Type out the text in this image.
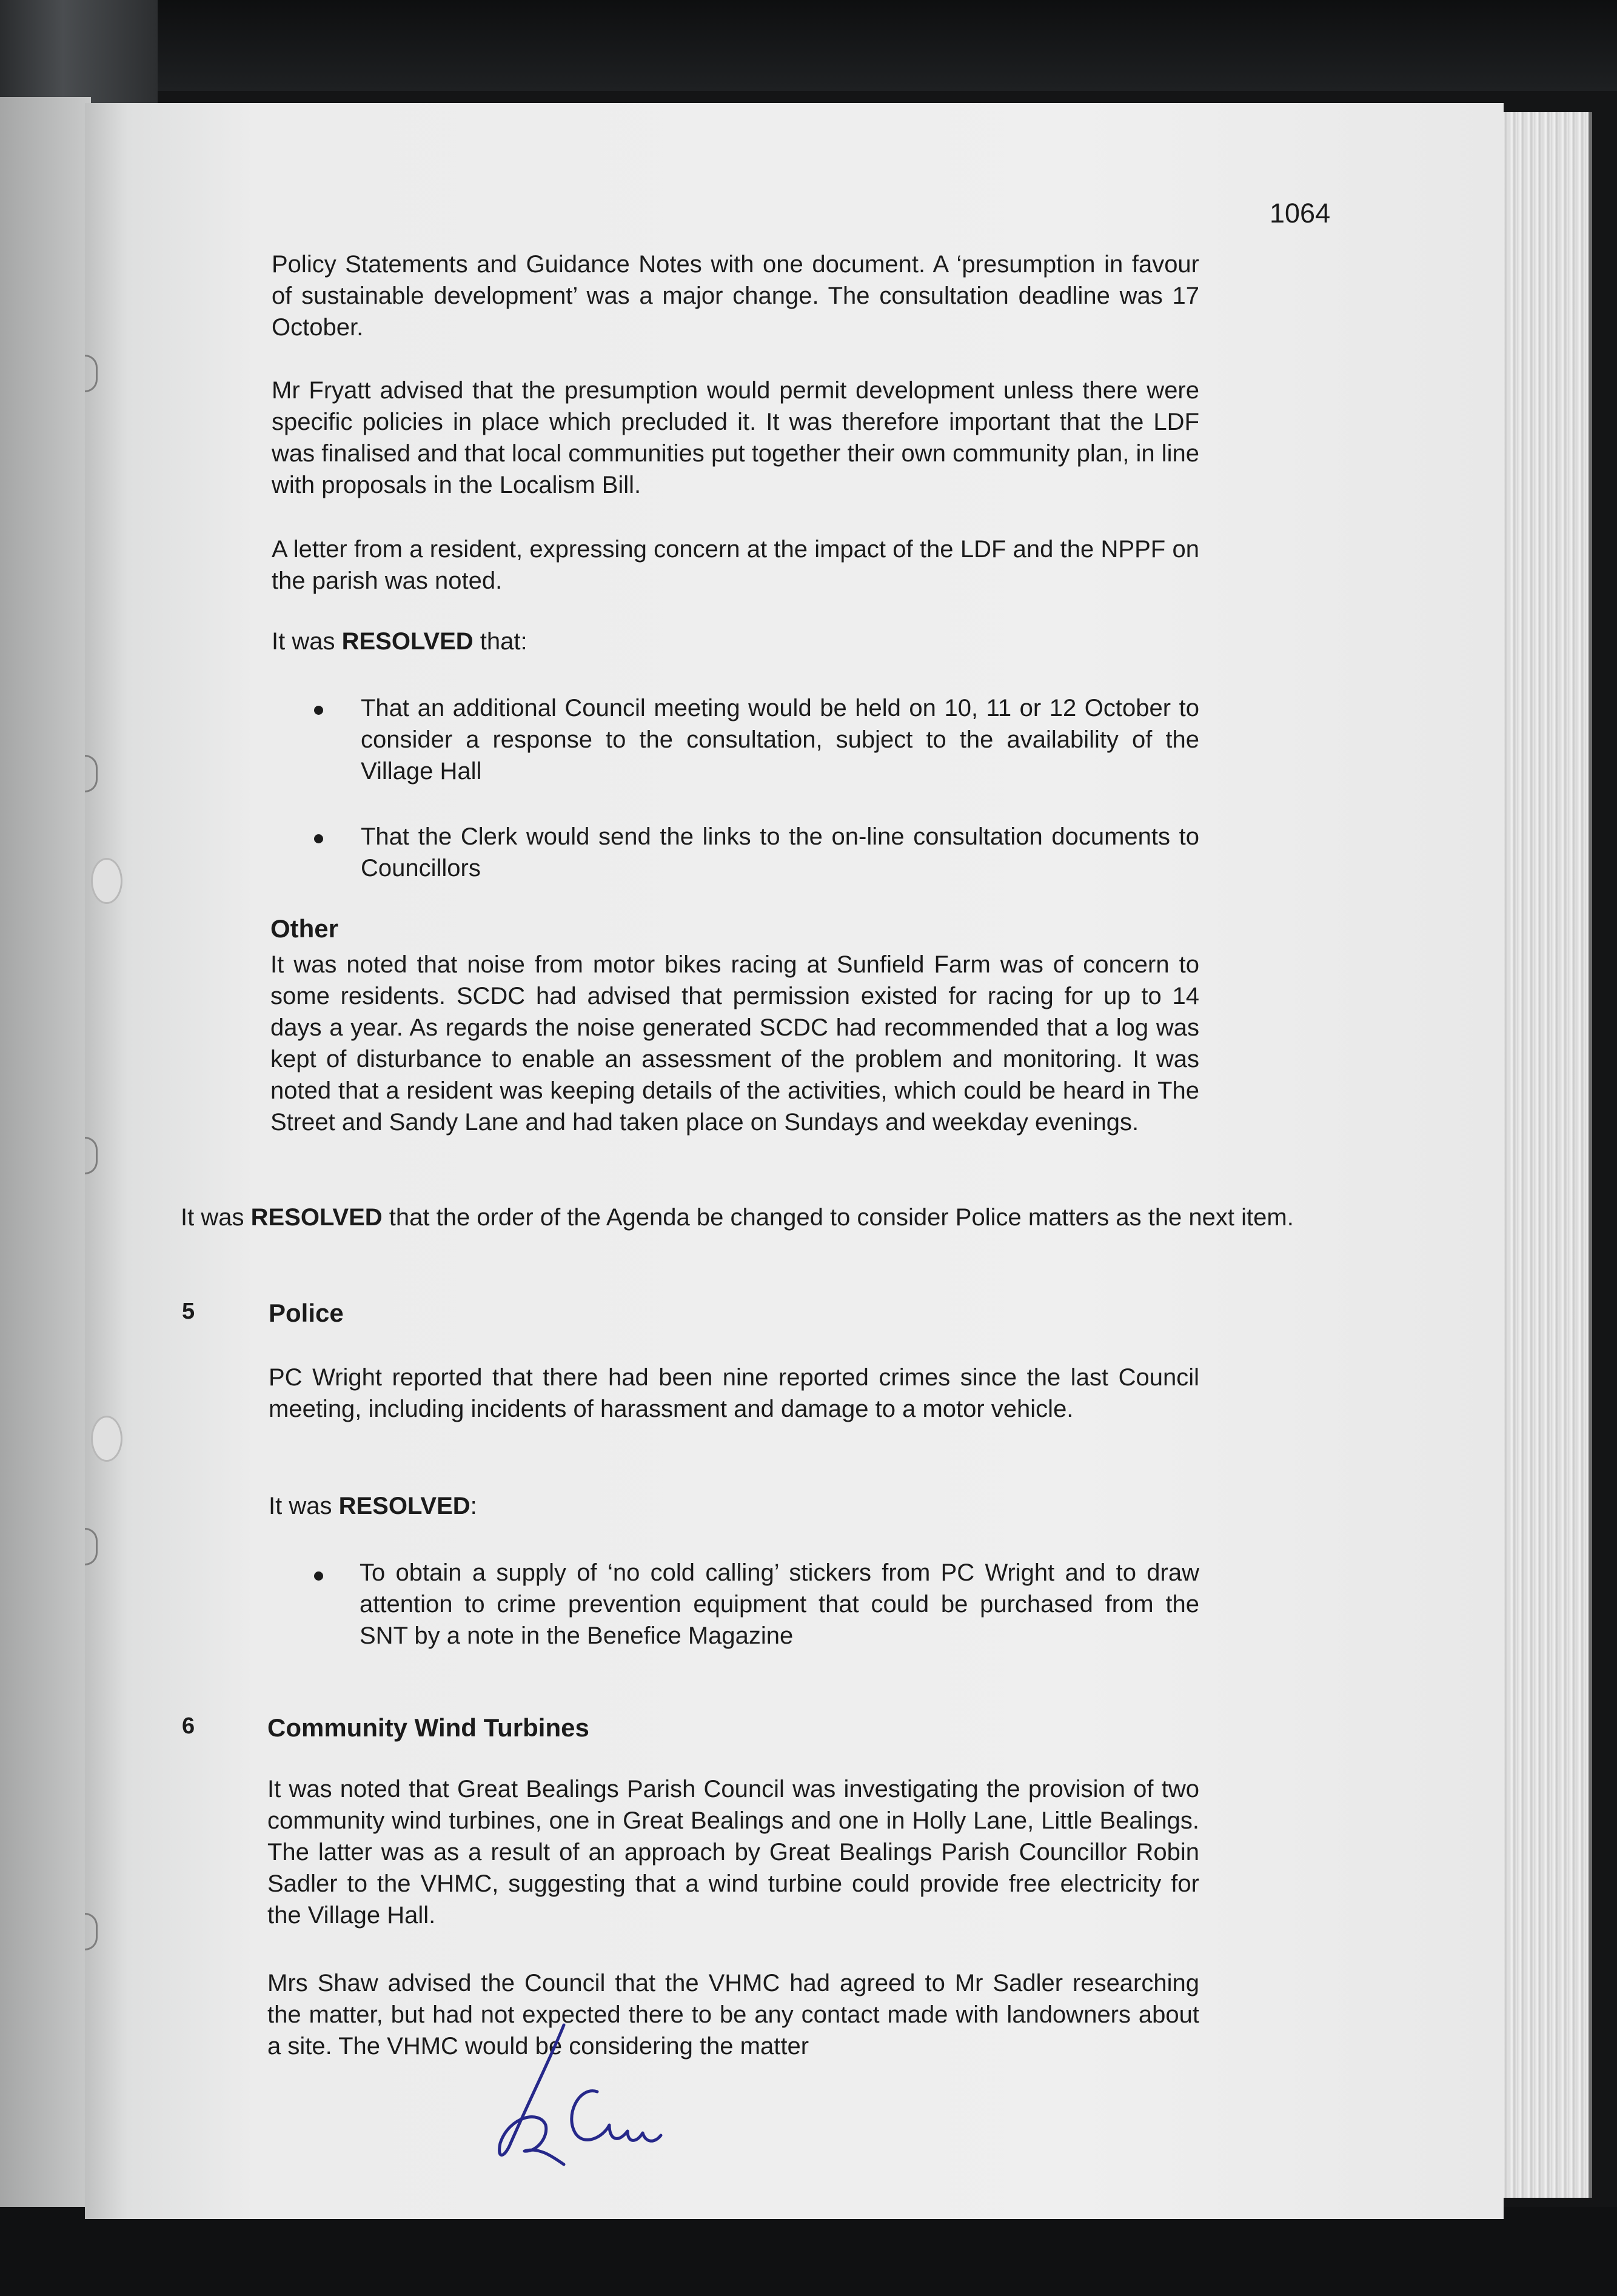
1064

Policy Statements and Guidance Notes with one document. A ‘presumption in favour of sustainable development’ was a major change. The consultation deadline was 17 October.

Mr Fryatt advised that the presumption would permit development unless there were specific policies in place which precluded it. It was therefore important that the LDF was finalised and that local communities put together their own community plan, in line with proposals in the Localism Bill.

A letter from a resident, expressing concern at the impact of the LDF and the NPPF on the parish was noted.

It was RESOLVED that:

That an additional Council meeting would be held on 10, 11 or 12 October to consider a response to the consultation, subject to the availability of the Village Hall

That the Clerk would send the links to the on-line consultation documents to Councillors

Other

It was noted that noise from motor bikes racing at Sunfield Farm was of concern to some residents. SCDC had advised that permission existed for racing for up to 14 days a year. As regards the noise generated SCDC had recommended that a log was kept of disturbance to enable an assessment of the problem and monitoring. It was noted that a resident was keeping details of the activities, which could be heard in The Street and Sandy Lane and had taken place on Sundays and weekday evenings.

It was RESOLVED that the order of the Agenda be changed to consider Police matters as the next item.

5	Police

PC Wright reported that there had been nine reported crimes since the last Council meeting, including incidents of harassment and damage to a motor vehicle.

It was RESOLVED:

To obtain a supply of ‘no cold calling’ stickers from PC Wright and to draw attention to crime prevention equipment that could be purchased from the SNT by a note in the Benefice Magazine

6	Community Wind Turbines

It was noted that Great Bealings Parish Council was investigating the provision of two community wind turbines, one in Great Bealings and one in Holly Lane, Little Bealings. The latter was as a result of an approach by Great Bealings Parish Councillor Robin Sadler to the VHMC, suggesting that a wind turbine could provide free electricity for the Village Hall.

Mrs Shaw advised the Council that the VHMC had agreed to Mr Sadler researching the matter, but had not expected there to be any contact made with landowners about a site. The VHMC would be considering the matter
